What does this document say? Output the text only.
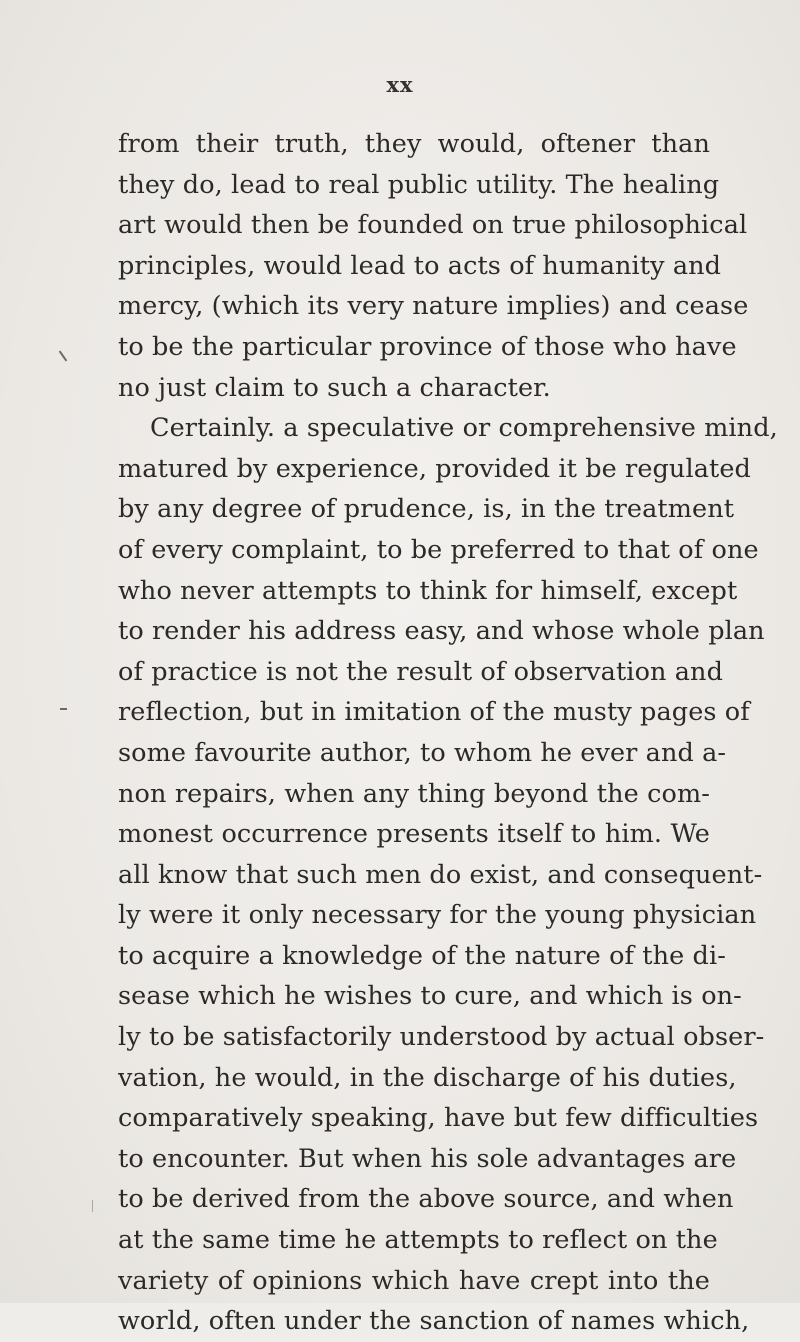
xx
from their truth, they would, oftener than
they do, lead to real public utility. The healing
art would then be founded on true philosophical
principles, would lead to acts of humanity and
mercy, (which its very nature implies) and cease
to be the particular province of those who have
no just claim to such a character.
Certainly. a speculative or comprehensive mind,
matured by experience, provided it be regulated
by any degree of prudence, is, in the treatment
of every complaint, to be preferred to that of one
who never attempts to think for himself, except
to render his address easy, and whose whole plan
of practice is not the result of observation and
reflection, but in imitation of the musty pages of
some favourite author, to whom he ever and a-
non repairs, when any thing beyond the com-
monest occurrence presents itself to him. We
all know that such men do exist, and consequent-
ly were it only necessary for the young physician
to acquire a knowledge of the nature of the di-
sease which he wishes to cure, and which is on-
ly to be satisfactorily understood by actual obser-
vation, he would, in the discharge of his duties,
comparatively speaking, have but few difficulties
to encounter. But when his sole advantages are
to be derived from the above source, and when
at the same time he attempts to reflect on the
variety of opinions which have crept into the
world, often under the sanction of names which,
